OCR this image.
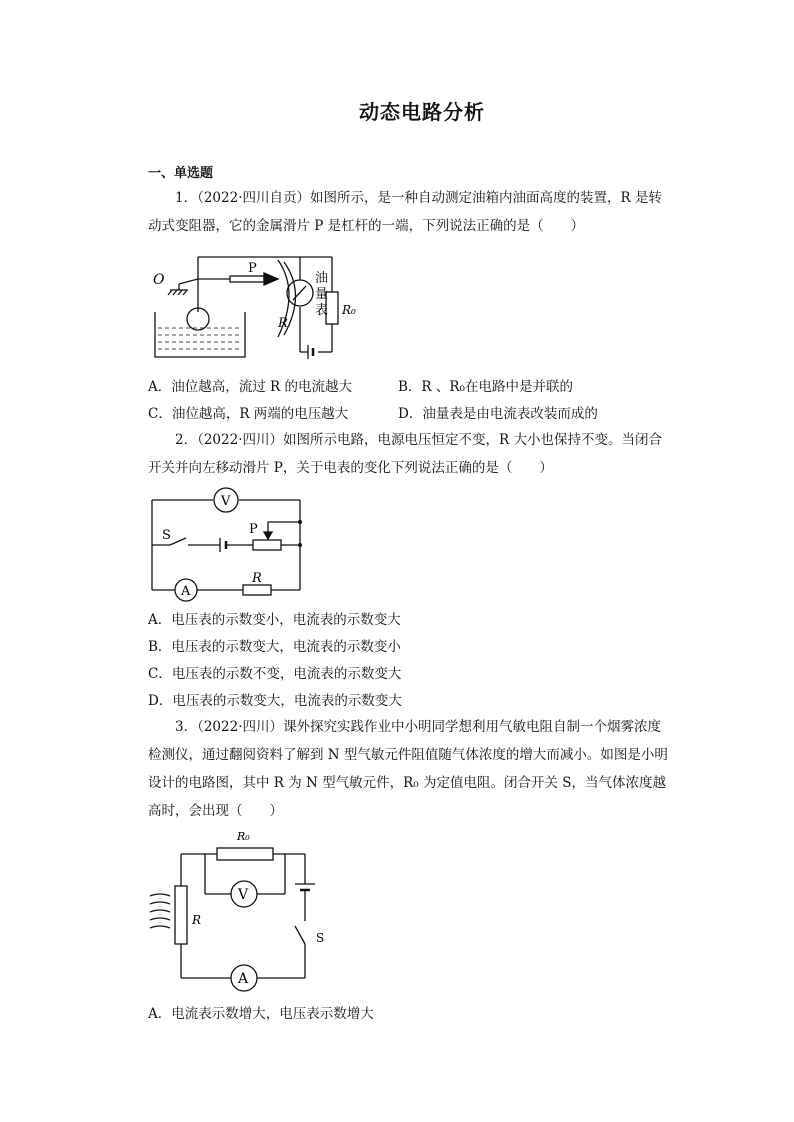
动态电路分析
一、单选题
1．（2022·四川自贡）如图所示，是一种自动测定油箱内油面高度的装置，R 是转动式变阻器，它的金属滑片 P 是杠杆的一端，下列说法正确的是（　　）
O
P
R
油
量
表 R₀
A．油位越高，流过 R 的电流越大	B．R 、R₀在电路中是并联的
C．油位越高，R 两端的电压越大	D．油量表是由电流表改装而成的
2．（2022·四川）如图所示电路，电源电压恒定不变，R 大小也保持不变。当闭合开关并向左移动滑片 P，关于电表的变化下列说法正确的是（　　）
V
S	P
A
R
A．电压表的示数变小，电流表的示数变大
B．电压表的示数变大，电流表的示数变小
C．电压表的示数不变，电流表的示数变大
D．电压表的示数变大，电流表的示数变大
3．（2022·四川）课外探究实践作业中小明同学想利用气敏电阻自制一个烟雾浓度检测仪，通过翻阅资料了解到 N 型气敏元件阻值随气体浓度的增大而减小。如图是小明设计的电路图，其中 R 为 N 型气敏元件，R₀ 为定值电阻。闭合开关 S，当气体浓度越高时，会出现（　　）
R₀
V
R
S
A
A．电流表示数增大，电压表示数增大
